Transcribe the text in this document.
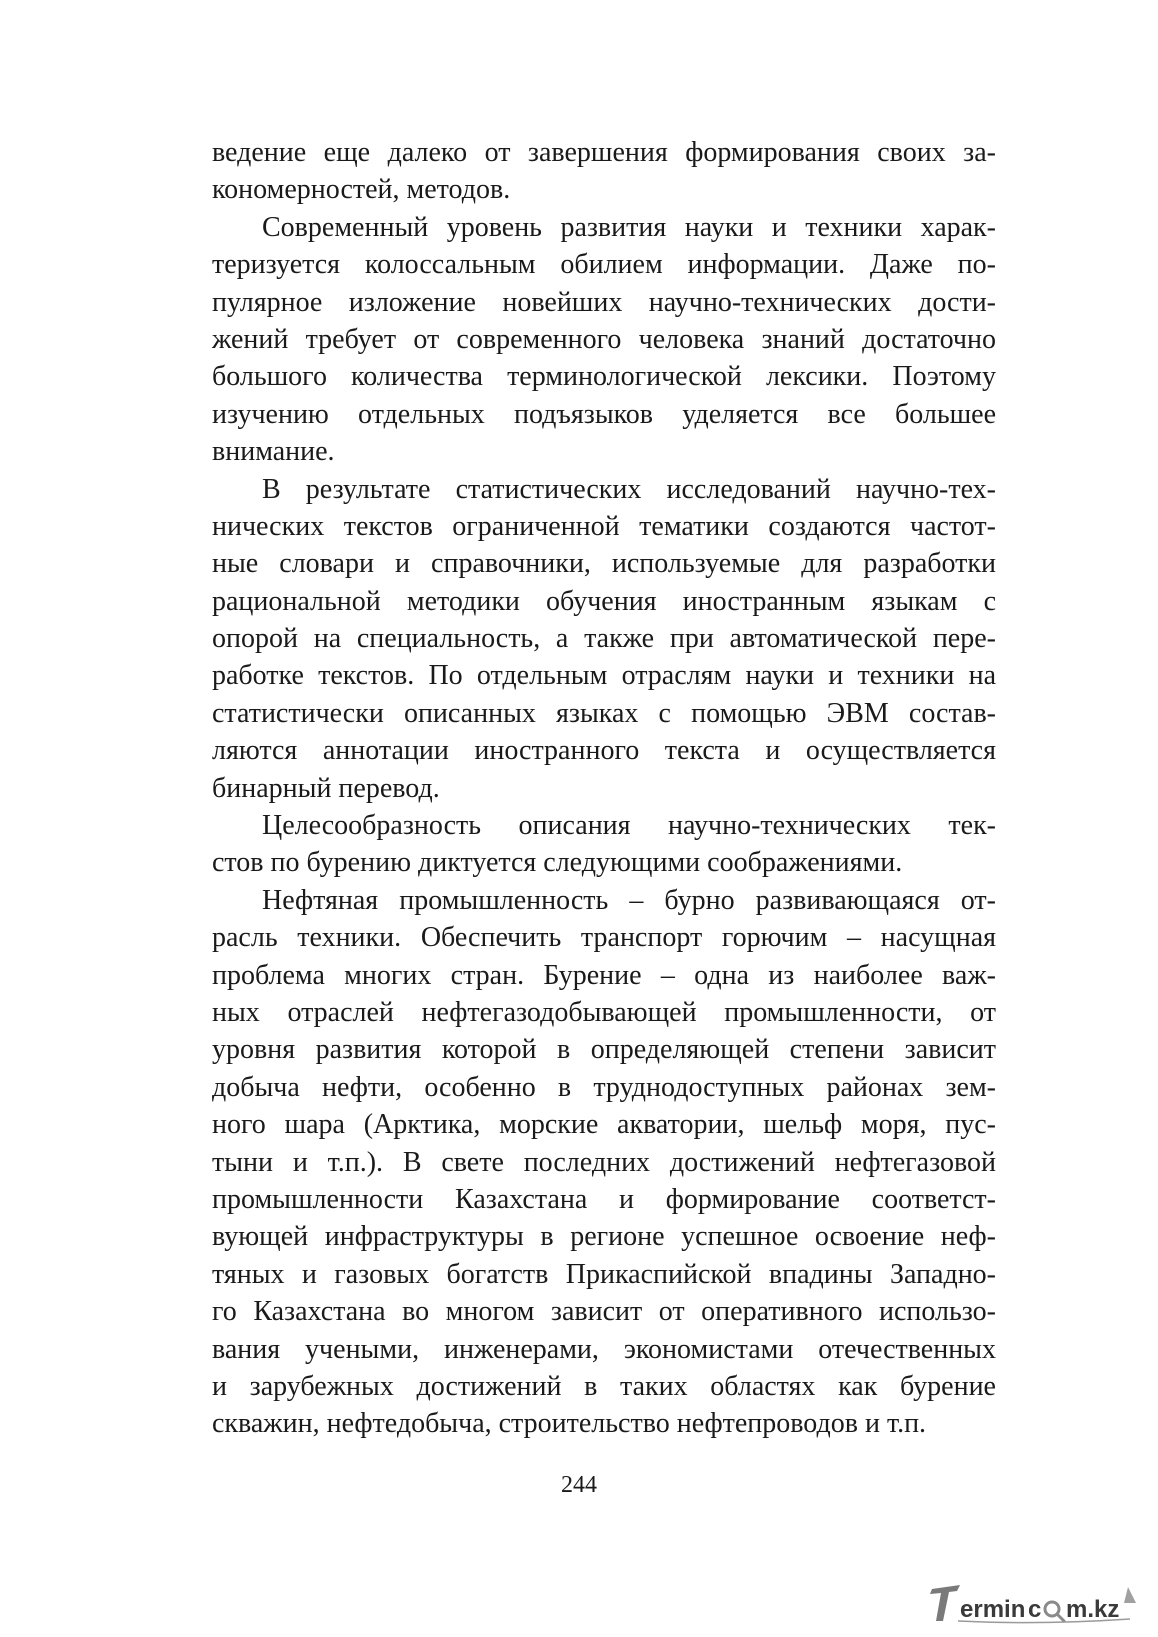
ведение еще далеко от завершения формирования своих за-
кономерностей, методов.
Современный уровень развития науки и техники харак-
теризуется колоссальным обилием информации. Даже по-
пулярное изложение новейших научно-технических дости-
жений требует от современного человека знаний достаточно
большого количества терминологической лексики. Поэтому
изучению отдельных подъязыков уделяется все большее
внимание.
В результате статистических исследований научно-тех-
нических текстов ограниченной тематики создаются частот-
ные словари и справочники, используемые для разработки
рациональной методики обучения иностранным языкам с
опорой на специальность, а также при автоматической пере-
работке текстов. По отдельным отраслям науки и техники на
статистически описанных языках с помощью ЭВМ состав-
ляются аннотации иностранного текста и осуществляется
бинарный перевод.
Целесообразность описания научно-технических тек-
стов по бурению диктуется следующими соображениями.
Нефтяная промышленность – бурно развивающаяся от-
расль техники. Обеспечить транспорт горючим – насущная
проблема многих стран. Бурение – одна из наиболее важ-
ных отраслей нефтегазодобывающей промышленности, от
уровня развития которой в определяющей степени зависит
добыча нефти, особенно в труднодоступных районах зем-
ного шара (Арктика, морские акватории, шельф моря, пус-
тыни и т.п.). В свете последних достижений нефтегазовой
промышленности Казахстана и формирование соответст-
вующей инфраструктуры в регионе успешное освоение неф-
тяных и газовых богатств Прикаспийской впадины Западно-
го Казахстана во многом зависит от оперативного использо-
вания учеными, инженерами, экономистами отечественных
и зарубежных достижений в таких областях как бурение
скважин, нефтедобыча, строительство нефтепроводов и т.п.
244
ermin c m.kz
